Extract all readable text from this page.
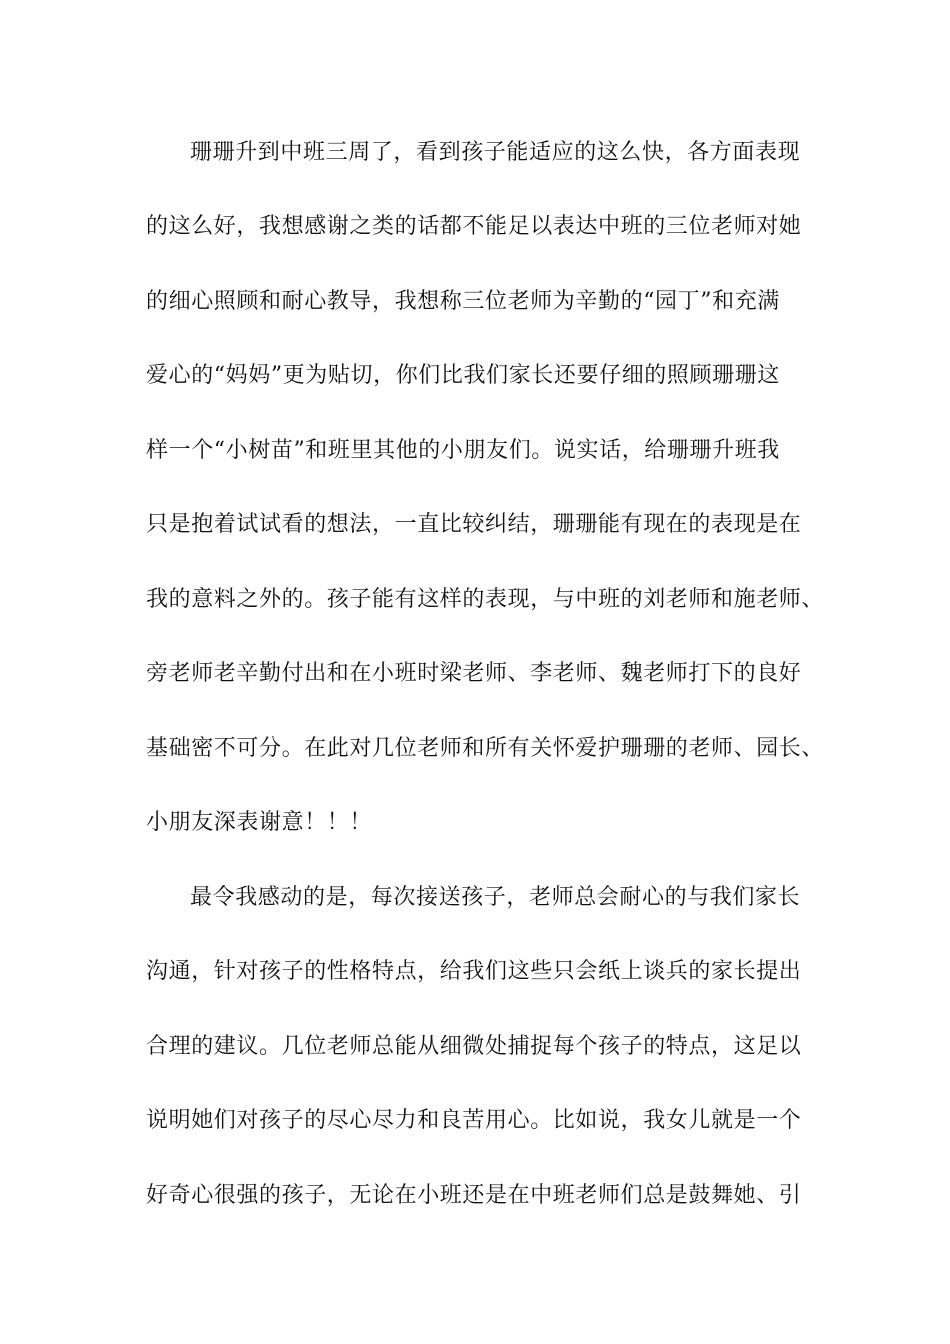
珊珊升到中班三周了，看到孩子能适应的这么快，各方面表现
的这么好，我想感谢之类的话都不能足以表达中班的三位老师对她
的细心照顾和耐心教导，我想称三位老师为辛勤的“园丁”和充满
爱心的“妈妈”更为贴切，你们比我们家长还要仔细的照顾珊珊这
样一个“小树苗”和班里其他的小朋友们。说实话，给珊珊升班我
只是抱着试试看的想法，一直比较纠结，珊珊能有现在的表现是在
我的意料之外的。孩子能有这样的表现，与中班的刘老师和施老师、
旁老师老辛勤付出和在小班时梁老师、李老师、魏老师打下的良好
基础密不可分。在此对几位老师和所有关怀爱护珊珊的老师、园长、
小朋友深表谢意！！！
最令我感动的是，每次接送孩子，老师总会耐心的与我们家长
沟通，针对孩子的性格特点，给我们这些只会纸上谈兵的家长提出
合理的建议。几位老师总能从细微处捕捉每个孩子的特点，这足以
说明她们对孩子的尽心尽力和良苦用心。比如说，我女儿就是一个
好奇心很强的孩子，无论在小班还是在中班老师们总是鼓舞她、引
